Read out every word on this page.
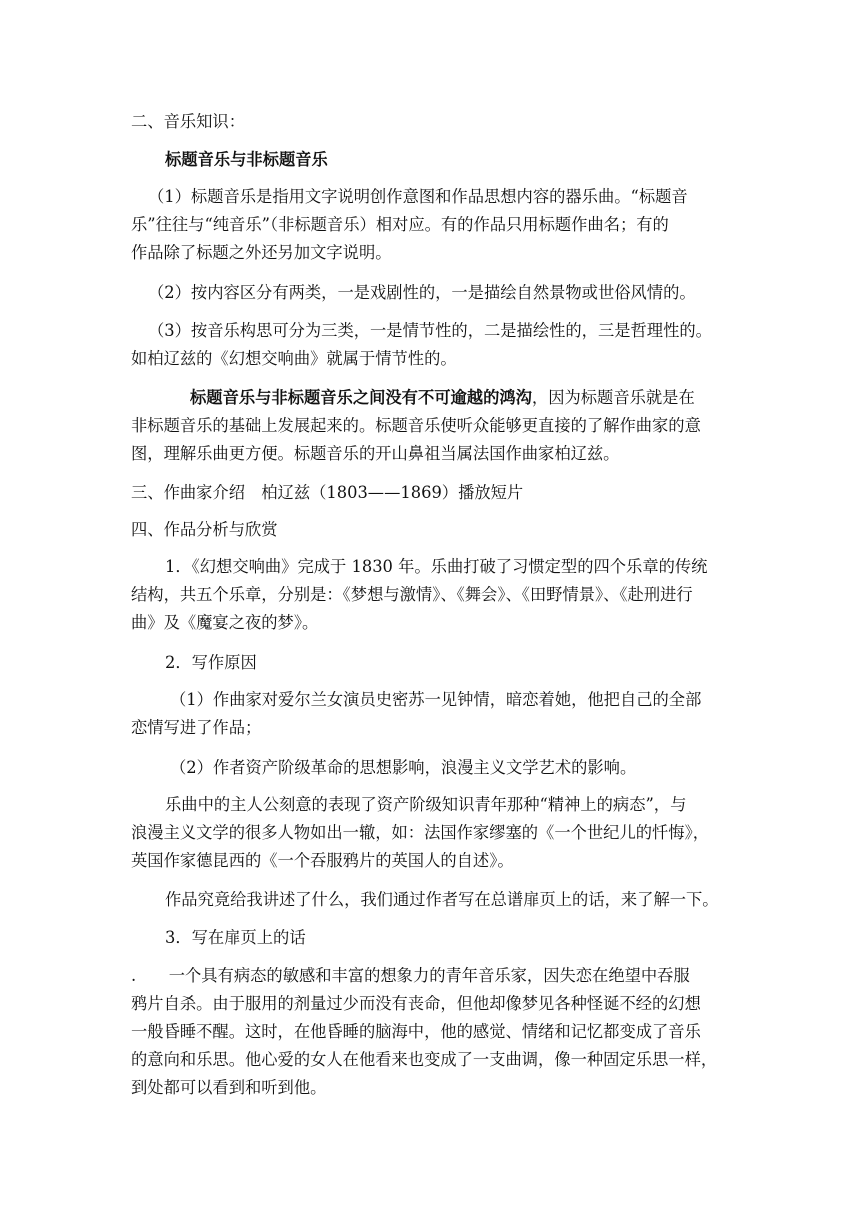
二、音乐知识：
标题音乐与非标题音乐
（1）标题音乐是指用文字说明创作意图和作品思想内容的器乐曲。“标题音
乐”往往与“纯音乐”（非标题音乐）相对应。有的作品只用标题作曲名；有的
作品除了标题之外还另加文字说明。
（2）按内容区分有两类，一是戏剧性的，一是描绘自然景物或世俗风情的。
（3）按音乐构思可分为三类，一是情节性的，二是描绘性的，三是哲理性的。
如柏辽兹的《幻想交响曲》就属于情节性的。
标题音乐与非标题音乐之间没有不可逾越的鸿沟，因为标题音乐就是在
非标题音乐的基础上发展起来的。标题音乐使听众能够更直接的了解作曲家的意
图，理解乐曲更方便。标题音乐的开山鼻祖当属法国作曲家柏辽兹。
三、作曲家介绍　柏辽兹（1803——1869）播放短片
四、作品分析与欣赏
1．《幻想交响曲》完成于 1830 年。乐曲打破了习惯定型的四个乐章的传统
结构，共五个乐章，分别是：《梦想与激情》、《舞会》、《田野情景》、《赴刑进行
曲》及《魔宴之夜的梦》。
2．写作原因
（1）作曲家对爱尔兰女演员史密苏一见钟情，暗恋着她，他把自己的全部
恋情写进了作品；
（2）作者资产阶级革命的思想影响，浪漫主义文学艺术的影响。
乐曲中的主人公刻意的表现了资产阶级知识青年那种“精神上的病态”，与
浪漫主义文学的很多人物如出一辙，如：法国作家缪塞的《一个世纪儿的忏悔》，
英国作家德昆西的《一个吞服鸦片的英国人的自述》。
作品究竟给我讲述了什么，我们通过作者写在总谱扉页上的话，来了解一下。
3．写在扉页上的话
.　　一个具有病态的敏感和丰富的想象力的青年音乐家，因失恋在绝望中吞服
鸦片自杀。由于服用的剂量过少而没有丧命，但他却像梦见各种怪诞不经的幻想
一般昏睡不醒。这时，在他昏睡的脑海中，他的感觉、情绪和记忆都变成了音乐
的意向和乐思。他心爱的女人在他看来也变成了一支曲调，像一种固定乐思一样，
到处都可以看到和听到他。
